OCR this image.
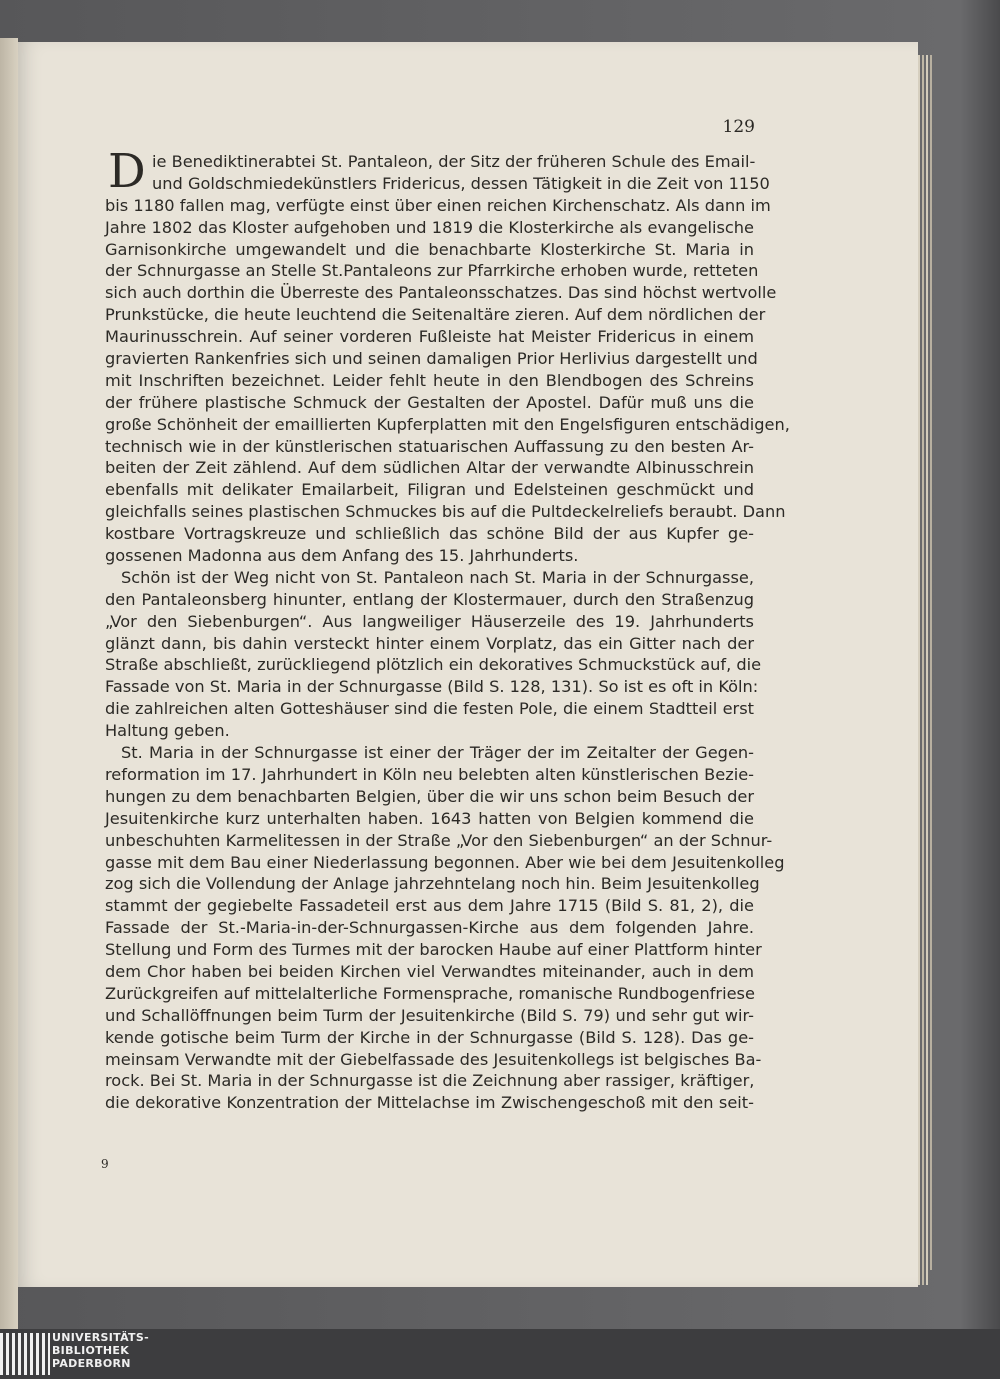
129
D ie Benediktinerabtei St. Pantaleon, der Sitz der früheren Schule des Email-
und Goldschmiedekünstlers Fridericus, dessen Tätigkeit in die Zeit von 1150
bis 1180 fallen mag, verfügte einst über einen reichen Kirchenschatz. Als dann im
Jahre 1802 das Kloster aufgehoben und 1819 die Klosterkirche als evangelische
Garnisonkirche umgewandelt und die benachbarte Klosterkirche St. Maria in
der Schnurgasse an Stelle St.Pantaleons zur Pfarrkirche erhoben wurde, retteten
sich auch dorthin die Überreste des Pantaleonsschatzes. Das sind höchst wertvolle
Prunkstücke, die heute leuchtend die Seitenaltäre zieren. Auf dem nördlichen der
Maurinusschrein. Auf seiner vorderen Fußleiste hat Meister Fridericus in einem
gravierten Rankenfries sich und seinen damaligen Prior Herlivius dargestellt und
mit Inschriften bezeichnet. Leider fehlt heute in den Blendbogen des Schreins
der frühere plastische Schmuck der Gestalten der Apostel. Dafür muß uns die
große Schönheit der emaillierten Kupferplatten mit den Engelsfiguren entschädigen,
technisch wie in der künstlerischen statuarischen Auffassung zu den besten Ar-
beiten der Zeit zählend. Auf dem südlichen Altar der verwandte Albinusschrein
ebenfalls mit delikater Emailarbeit, Filigran und Edelsteinen geschmückt und
gleichfalls seines plastischen Schmuckes bis auf die Pultdeckelreliefs beraubt. Dann
kostbare Vortragskreuze und schließlich das schöne Bild der aus Kupfer ge-
gossenen Madonna aus dem Anfang des 15. Jahrhunderts.
Schön ist der Weg nicht von St. Pantaleon nach St. Maria in der Schnurgasse,
den Pantaleonsberg hinunter, entlang der Klostermauer, durch den Straßenzug
„Vor den Siebenburgen“. Aus langweiliger Häuserzeile des 19. Jahrhunderts
glänzt dann, bis dahin versteckt hinter einem Vorplatz, das ein Gitter nach der
Straße abschließt, zurückliegend plötzlich ein dekoratives Schmuckstück auf, die
Fassade von St. Maria in der Schnurgasse (Bild S. 128, 131). So ist es oft in Köln:
die zahlreichen alten Gotteshäuser sind die festen Pole, die einem Stadtteil erst
Haltung geben.
St. Maria in der Schnurgasse ist einer der Träger der im Zeitalter der Gegen-
reformation im 17. Jahrhundert in Köln neu belebten alten künstlerischen Bezie-
hungen zu dem benachbarten Belgien, über die wir uns schon beim Besuch der
Jesuitenkirche kurz unterhalten haben. 1643 hatten von Belgien kommend die
unbeschuhten Karmelitessen in der Straße „Vor den Siebenburgen“ an der Schnur-
gasse mit dem Bau einer Niederlassung begonnen. Aber wie bei dem Jesuitenkolleg
zog sich die Vollendung der Anlage jahrzehntelang noch hin. Beim Jesuitenkolleg
stammt der gegiebelte Fassadeteil erst aus dem Jahre 1715 (Bild S. 81, 2), die
Fassade der St.-Maria-in-der-Schnurgassen-Kirche aus dem folgenden Jahre.
Stellung und Form des Turmes mit der barocken Haube auf einer Plattform hinter
dem Chor haben bei beiden Kirchen viel Verwandtes miteinander, auch in dem
Zurückgreifen auf mittelalterliche Formensprache, romanische Rundbogenfriese
und Schallöffnungen beim Turm der Jesuitenkirche (Bild S. 79) und sehr gut wir-
kende gotische beim Turm der Kirche in der Schnurgasse (Bild S. 128). Das ge-
meinsam Verwandte mit der Giebelfassade des Jesuitenkollegs ist belgisches Ba-
rock. Bei St. Maria in der Schnurgasse ist die Zeichnung aber rassiger, kräftiger,
die dekorative Konzentration der Mittelachse im Zwischengeschoß mit den seit-
9
UNIVERSITÄTS-
BIBLIOTHEK
PADERBORN
